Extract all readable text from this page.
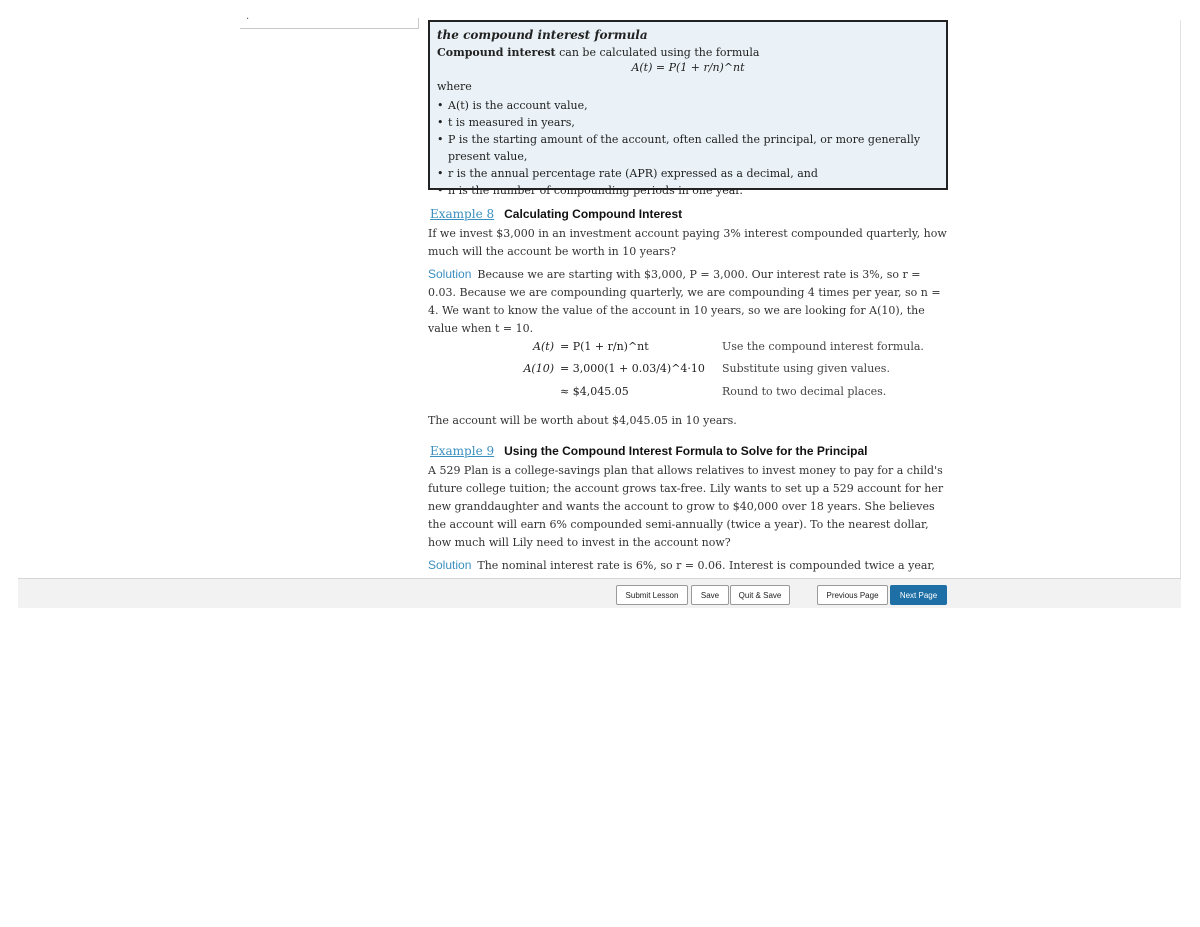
.

the compound interest formula

Compound interest can be calculated using the formula

A(t) = P(1 + r/n)^nt

where

• A(t) is the account value,
• t is measured in years,
• P is the starting amount of the account, often called the principal, or more generally present value,
• r is the annual percentage rate (APR) expressed as a decimal, and
• n is the number of compounding periods in one year.
Example 8 Calculating Compound Interest

If we invest $3,000 in an investment account paying 3% interest compounded quarterly, how much will the account be worth in 10 years?

Solution Because we are starting with $3,000, P = 3,000. Our interest rate is 3%, so r = 0.03. Because we are compounding quarterly, we are compounding 4 times per year, so n = 4. We want to know the value of the account in 10 years, so we are looking for A(10), the value when t = 10.

A(t) = P(1 + r/n)^nt	Use the compound interest formula.
A(10) = 3,000(1 + 0.03/4)^4·10 Substitute using given values.
≈ $4,045.05	Round to two decimal places.

The account will be worth about $4,045.05 in 10 years.

Example 9 Using the Compound Interest Formula to Solve for the Principal

A 529 Plan is a college-savings plan that allows relatives to invest money to pay for a child's future college tuition; the account grows tax-free. Lily wants to set up a 529 account for her new granddaughter and wants the account to grow to $40,000 over 18 years. She believes the account will earn 6% compounded semi-annually (twice a year). To the nearest dollar, how much will Lily need to invest in the account now?

Solution The nominal interest rate is 6%, so r = 0.06. Interest is compounded twice a year,
Submit Lesson	Save	Quit & Save	Previous Page	Next Page
